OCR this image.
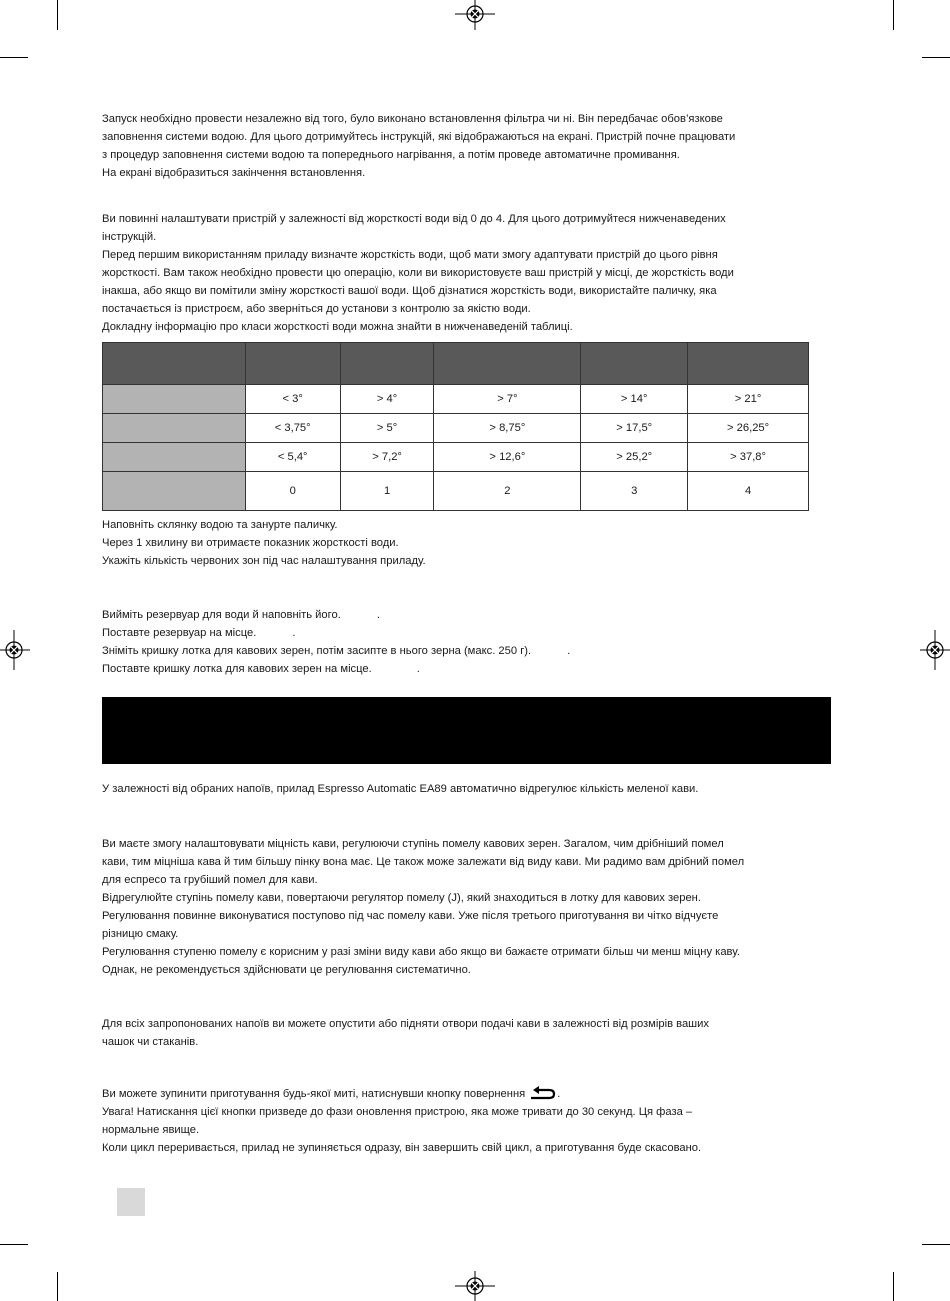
Запуск необхідно провести незалежно від того, було виконано встановлення фільтра чи ні. Він передбачає обов’язкове
заповнення системи водою. Для цього дотримуйтесь інструкцій, які відображаються на екрані. Пристрій почне працювати
з процедур заповнення системи водою та попереднього нагрівання, а потім проведе автоматичне промивання.
На екрані відобразиться закінчення встановлення.
Ви повинні налаштувати пристрій у залежності від жорсткості води від 0 до 4. Для цього дотримуйтеся нижченаведених
інструкцій.
Перед першим використанням приладу визначте жорсткість води, щоб мати змогу адаптувати пристрій до цього рівня
жорсткості. Вам також необхідно провести цю операцію, коли ви використовуєте ваш пристрій у місці, де жорсткість води
інакша, або якщо ви помітили зміну жорсткості вашої води. Щоб дізнатися жорсткість води, використайте паличку, яка
постачається із пристроєм, або зверніться до установи з контролю за якістю води.
Докладну інформацію про класи жорсткості води можна знайти в нижченаведеній таблиці.

	< 3°	> 4°	> 7°	> 14°	> 21°
	< 3,75°	> 5°	> 8,75°	> 17,5°	> 26,25°
	< 5,4°	> 7,2°	> 12,6°	> 25,2°	> 37,8°
	0	1	2	3	4
Наповніть склянку водою та занурте паличку.
Через 1 хвилину ви отримаєте показник жорсткості води.
Укажіть кількість червоних зон під час налаштування приладу.
Вийміть резервуар для води й наповніть його.	.
Поставте резервуар на місце.	.
Зніміть кришку лотка для кавових зерен, потім засипте в нього зерна (макс. 250 г).	.
Поставте кришку лотка для кавових зерен на місце.	.
У залежності від обраних напоїв, прилад Espresso Automatic EA89 автоматично відрегулює кількість меленої кави.
Ви маєте змогу налаштовувати міцність кави, регулюючи ступінь помелу кавових зерен. Загалом, чим дрібніший помел
кави, тим міцніша кава й тим більшу пінку вона має. Це також може залежати від виду кави. Ми радимо вам дрібний помел
для еспресо та грубіший помел для кави.
Відрегулюйте ступінь помелу кави, повертаючи регулятор помелу (J), який знаходиться в лотку для кавових зерен.
Регулювання повинне виконуватися поступово під час помелу кави. Уже після третього приготування ви чітко відчуєте
різницю смаку.
Регулювання ступеню помелу є корисним у разі зміни виду кави або якщо ви бажаєте отримати більш чи менш міцну каву.
Однак, не рекомендується здійснювати це регулювання систематично.
Для всіх запропонованих напоїв ви можете опустити або підняти отвори подачі кави в залежності від розмірів ваших
чашок чи стаканів.
Ви можете зупинити приготування будь-якої миті, натиснувши кнопку повернення	.
Увага! Натискання цієї кнопки призведе до фази оновлення пристрою, яка може тривати до 30 секунд. Ця фаза –
нормальне явище.
Коли цикл переривається, прилад не зупиняється одразу, він завершить свій цикл, а приготування буде скасовано.
